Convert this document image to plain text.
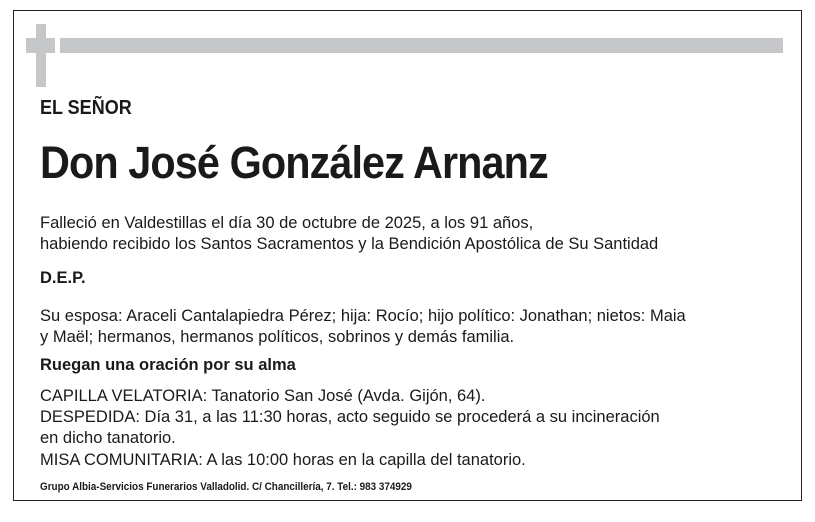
EL SEÑOR
Don José González Arnanz
Falleció en Valdestillas el día 30 de octubre de 2025, a los 91 años,
habiendo recibido los Santos Sacramentos y la Bendición Apostólica de Su Santidad
D.E.P.
Su esposa: Araceli Cantalapiedra Pérez; hija: Rocío; hijo político: Jonathan; nietos: Maia
y Maël; hermanos, hermanos políticos, sobrinos y demás familia.
Ruegan una oración por su alma
CAPILLA VELATORIA: Tanatorio San José (Avda. Gijón, 64).
DESPEDIDA: Día 31, a las 11:30 horas, acto seguido se procederá a su incineración
en dicho tanatorio.
MISA COMUNITARIA: A las 10:00 horas en la capilla del tanatorio.
Grupo Albia-Servicios Funerarios Valladolid. C/ Chancillería, 7. Tel.: 983 374929
